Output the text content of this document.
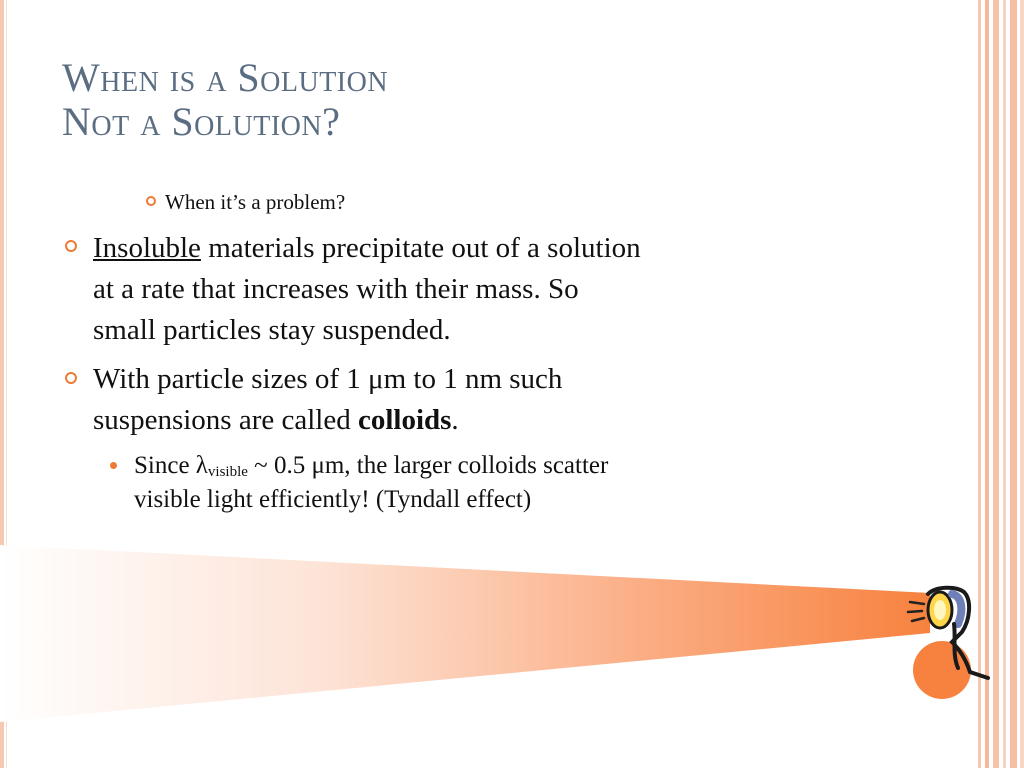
When is a Solution
Not a Solution?
When it’s a problem?
Insoluble materials precipitate out of a solution
at a rate that increases with their mass. So
small particles stay suspended.
With particle sizes of 1 μm to 1 nm such
suspensions are called colloids.
Since $\lambda_{visible}$ ~ 0.5 μm, the larger colloids scatter
visible light efficiently! (Tyndall effect)
